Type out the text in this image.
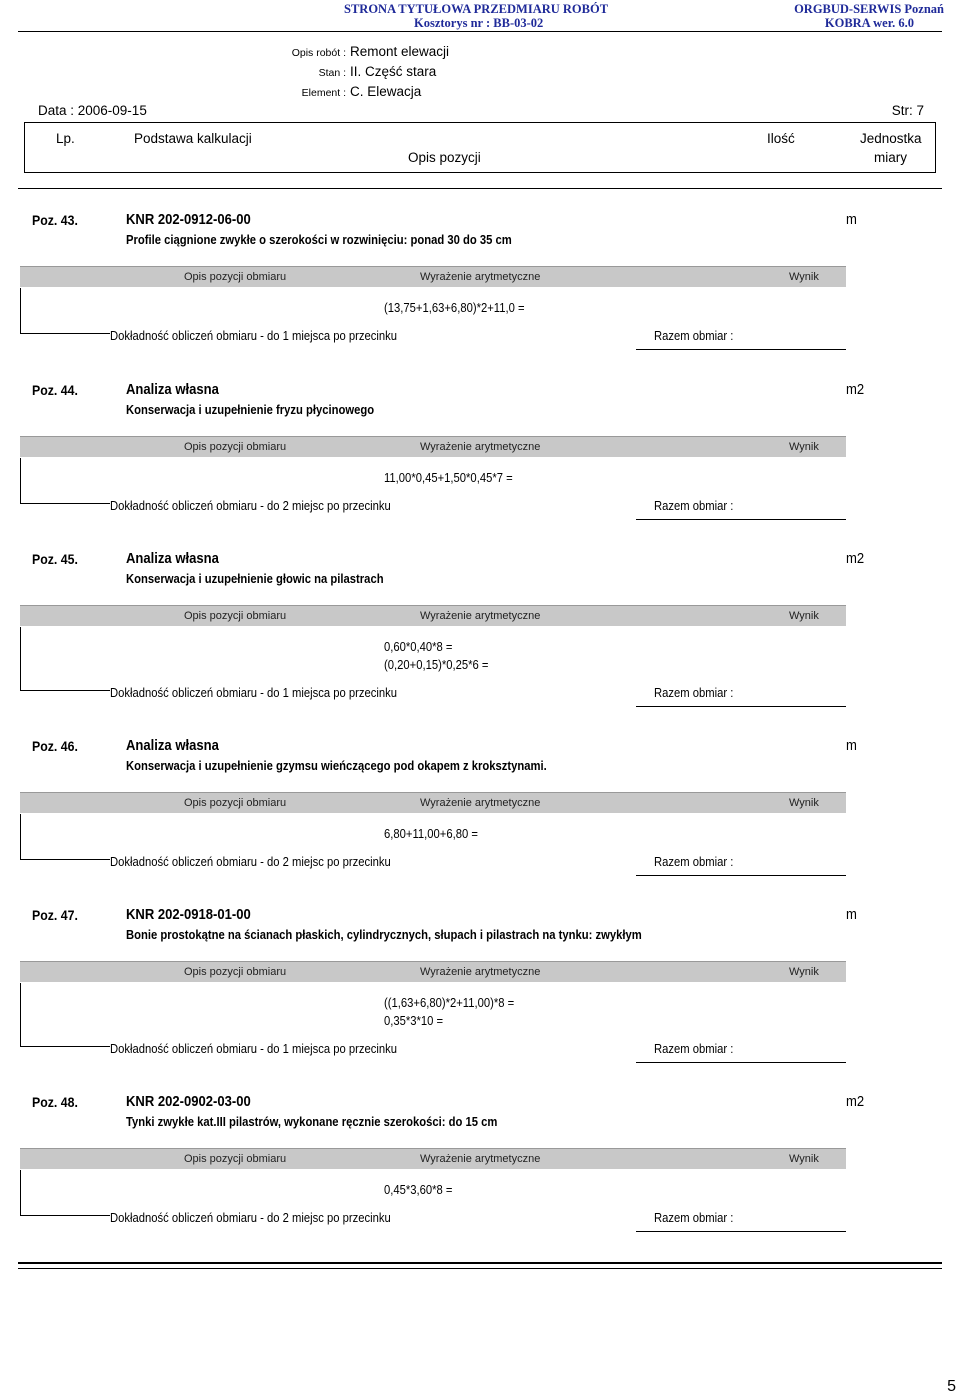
STRONA TYTUŁOWA PRZEDMIARU ROBÓT
Kosztorys nr : BB-03-02
ORGBUD-SERWIS Poznań
KOBRA wer. 6.0
Opis robót : Remont elewacji
Stan : II. Część stara
Element : C. Elewacja
Data : 2006-09-15	Str: 7
Lp.	Podstawa kalkulacji
Opis pozycji
Ilość	Jednostka
miary
Poz. 43.	KNR 202-0912-06-00	m
Profile ciągnione zwykłe o szerokości w rozwinięciu: ponad 30 do 35 cm
Opis pozycji obmiaru	Wyrażenie arytmetyczne	Wynik
(13,75+1,63+6,80)*2+11,0 =
Dokładność obliczeń obmiaru - do 1 miejsca po przecinku	Razem obmiar :
Poz. 44.	Analiza własna	m2
Konserwacja i uzupełnienie fryzu płycinowego
Opis pozycji obmiaru	Wyrażenie arytmetyczne	Wynik
11,00*0,45+1,50*0,45*7 =
Dokładność obliczeń obmiaru - do 2 miejsc po przecinku	Razem obmiar :
Poz. 45.	Analiza własna	m2
Konserwacja i uzupełnienie głowic na pilastrach
Opis pozycji obmiaru	Wyrażenie arytmetyczne	Wynik
0,60*0,40*8 =
(0,20+0,15)*0,25*6 =
Dokładność obliczeń obmiaru - do 1 miejsca po przecinku	Razem obmiar :
Poz. 46.	Analiza własna	m
Konserwacja i uzupełnienie gzymsu wieńczącego pod okapem z kroksztynami.
Opis pozycji obmiaru	Wyrażenie arytmetyczne	Wynik
6,80+11,00+6,80 =
Dokładność obliczeń obmiaru - do 2 miejsc po przecinku	Razem obmiar :
Poz. 47.	KNR 202-0918-01-00	m
Bonie prostokątne na ścianach płaskich, cylindrycznych, słupach i pilastrach na tynku: zwykłym
Opis pozycji obmiaru	Wyrażenie arytmetyczne	Wynik
((1,63+6,80)*2+11,00)*8 =
0,35*3*10 =
Dokładność obliczeń obmiaru - do 1 miejsca po przecinku	Razem obmiar :
Poz. 48.	KNR 202-0902-03-00	m2
Tynki zwykłe kat.III pilastrów, wykonane ręcznie szerokości: do 15 cm
Opis pozycji obmiaru	Wyrażenie arytmetyczne	Wynik
0,45*3,60*8 =
Dokładność obliczeń obmiaru - do 2 miejsc po przecinku	Razem obmiar :
5
